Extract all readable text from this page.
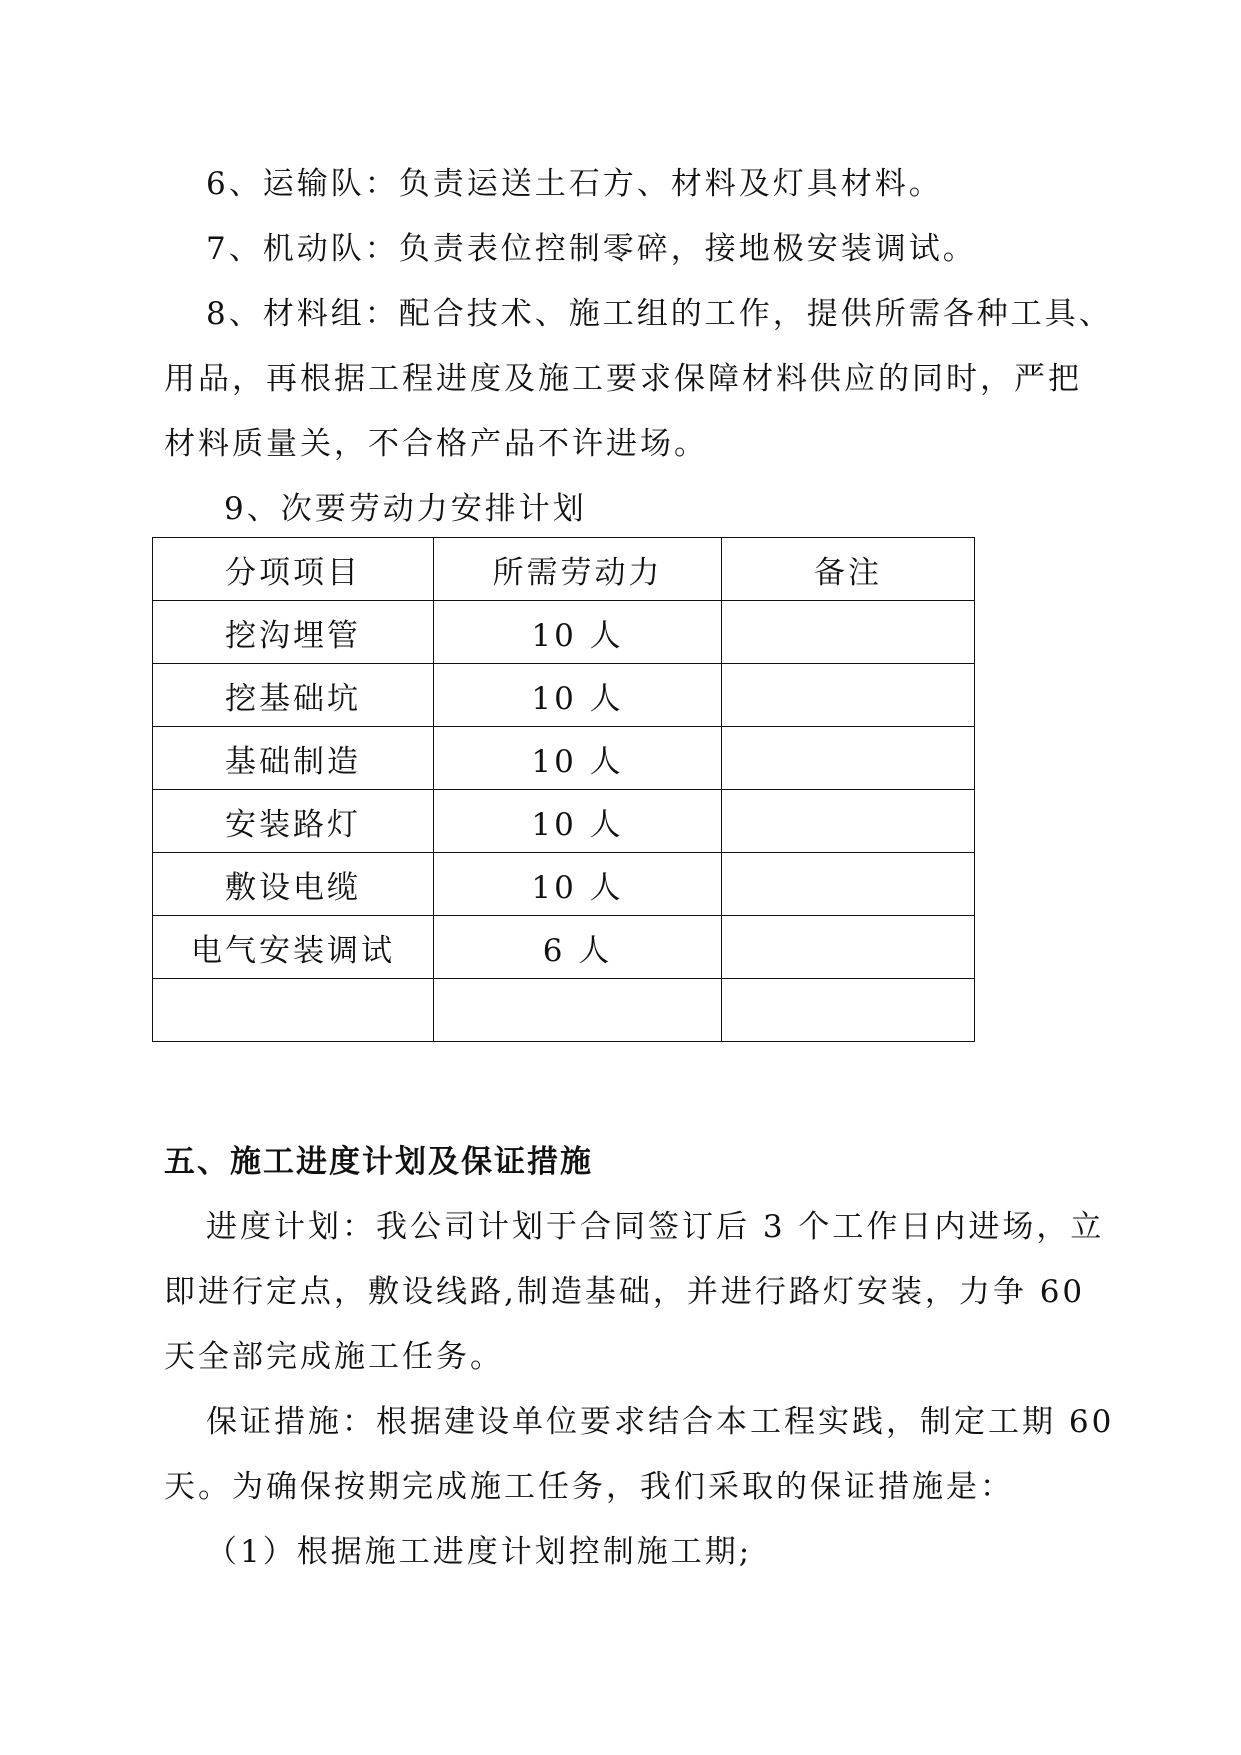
6、运输队：负责运送土石方、材料及灯具材料。
7、机动队：负责表位控制零碎，接地极安装调试。
8、材料组：配合技术、施工组的工作，提供所需各种工具、
用品，再根据工程进度及施工要求保障材料供应的同时，严把
材料质量关，不合格产品不许进场。
9、次要劳动力安排计划
分项项目	所需劳动力	备注
挖沟埋管	10 人	
挖基础坑	10 人	
基础制造	10 人	
安装路灯	10 人	
敷设电缆	10 人	
电气安装调试	6 人	

五、施工进度计划及保证措施
进度计划：我公司计划于合同签订后 3 个工作日内进场，立
即进行定点，敷设线路,制造基础，并进行路灯安装，力争 60
天全部完成施工任务。
保证措施：根据建设单位要求结合本工程实践，制定工期 60
天。为确保按期完成施工任务，我们采取的保证措施是：
（1）根据施工进度计划控制施工期;
